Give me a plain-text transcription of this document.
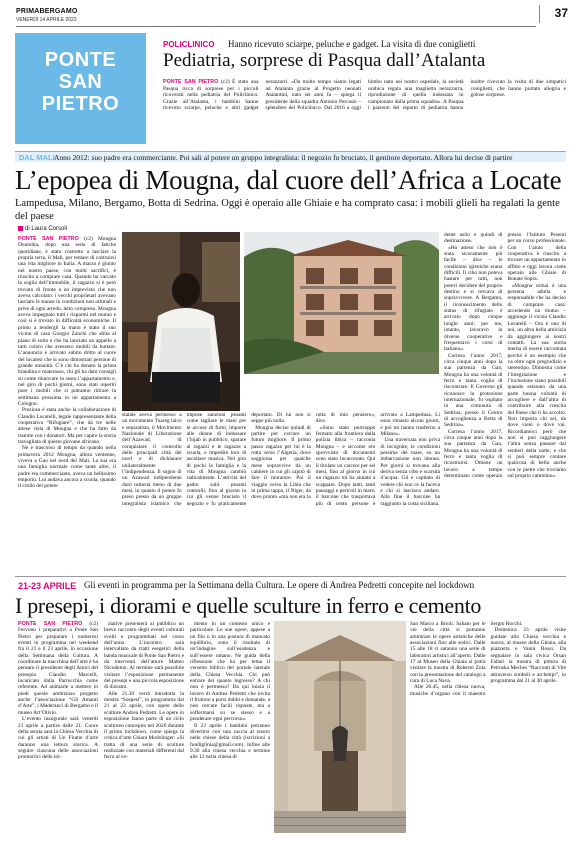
PRIMABERGAMO
VENERDÌ 14 APRILE 2023	37
PONTE
SAN
PIETRO
POLICLINICO Hanno ricevuto sciarpe, peluche e gadget. La visita di due coniglietti
Pediatria, sorprese di Pasqua dall’Atalanta

PONTE SAN PIETRO (c2) È stato una Pasqua ricca di sorprese per i piccoli ricoverati nella pediatria del Policlinico. Grazie all’Atalanta, i bambini hanno ricevuto sciarpe, peluche e altri gadget nerazzurri. «Da molto tempo siamo legati ad Atalanta grazie al Progetto neonati Atalantini, nato sei anni fa – spiega il presidente della squadra Antonio Percassi – splendore del Policlinico. Dal 2016 a oggi bimbo nato nei nostro ospedale, la società orobica regala una maglietta nerazzurra, riproduzione di quella indossata in campionato dalla prima squadra». A Pasqua i pazienti del reparto di pediatria hanno inoltre ricevuto la visita di due simpatici coniglietti, che hanno portato allegria e golose sorprese.

DAL MALI Anno 2012: suo padre era commerciante. Poi sali al potere un gruppo integralista: il negozio fu bruciato, il genitore deportato. Allora lui decise di partire
L’epopea di Mougna, dal cuore dell’Africa a Locate
Lampedusa, Milano, Bergamo, Botta di Sedrina. Oggi è operaio alle Ghiaie e ha comprato casa: i mobili glieli ha regalati la gente del paese
di Laura Corsoli

PONTE SAN PIETRO (c2) Mougna Doumbia, dopo una serie di fatiche quotidiane, è stato costretto a lasciare la propria terra, il Mali, per tentare di costruirsi una vita migliore in Italia. A marzo è giunto nel nostro paese, con molti sacrifici, è riuscito a comprare casa. Quando ha varcato la soglia dell’immobile, il ragazzo si è però trovato di fronte a un imprevisto che non aveva calcolato: i vecchi proprietari avevano lasciato le stanze in condizioni non ottimali e prive di ogni arredo, letto compreso. Mougna aveva impegnato tutti i risparmi nel mutuo e così si è trovato in difficoltà economiche. Il primo a tendergli la mano è stato il suo vicino di casa Giorgio Zanchi che abita al piano di sotto e che ha lanciato un appello a tutti coloro che avessero mobili da buttare. L’annuncio è arrivato subito dritto al cuore dei locatesi che si sono dimostrati persone di grande umanità. C’è chi ha donato la prima brandina e materasso, chi gli ha dato consigli su come rinnovare in sesto l’appartamento e, nel giro di pochi giorni, sono stati reperiti pure i mobili che si potranno ritirare la settimana prossima in un appartamento a Cologno.

Preziosa è stata anche la collaborazione di Claudio Locatelli, legale rappresentante della cooperativa “Rifugiare”, che da tre nelle attese vista di Mougna e che ha fatto da tramite con i donatori. Ma per capire la storia travagliata di questo giovane africano.

Ne è trascorso di tempo da quando nella primavera 2012 Mougna, allora ventenne, viveva a Gao nel nord del Mali. La sua era una famiglia normale come tante altre, il padre era commerciante, aveva un bellissimo emporio. Lui andava ancora a scuola, quando il crollo del potere

statale aveva permesso a un movimento Tuareg laico e separatista, il Movimento Nazionale di Liberazione dell’Azawad, di conquistare il controllo delle principali città del nord e di dichiarare unilateralmente l’indipendenza. Il sogno di un Azawad indipendente durò tuttavia meno di due mesi, in quanto il potere fu preso presto da un gruppo integralista islamico che impose sanzioni pesanti come tagliare le mani per le accuse di furto, imporre alle donne di indossare l’hijab in pubblico, sparare ai ragazzi e le ragazze a scuola, e impedire loro di ascoltare musica. Nel giro di pochi la famiglia e la vita di Mougna cambiò radicalmente. L’attività del padre subì pesanti controlli, fino al giorno in cui gli venne bruciato il negozio e fu praticamente deportato. Di lui non si seppe più nulla.

Mougna decise quindi di partire per cercare un futuro migliore. Il primo passo ragazzo per lui è la rotta verso l’Algeria, dove soggiorna per qualche mese sopravvive da un cantiere in cui gli capitò di fare il muratore. Poi il viaggio verso la Libia che in prima tappa, il Niger, da dove pronto «ma non era la rotta di mio pensiero», dice.

«Sono stato purtroppo fermato alla frontiera dalla polizia libica – racconta Mougna – e siccome ero sprovvisto di documenti sono stato incarcerato. Qui il titolato un carcere per sei mesi, fino al giorno in cui un ragazzo mi ha aiutato a scappare. Dopo tanti, tanti passaggi e pericoli in mare, il barcone che trasportava più di cento persone è arrivato a Lampedusa. Lì sono rimasto alcuni giorni, e poi mi hanno trasferito a Milano».

Una traversata non priva di incognite, le condizioni pessime del mare, su un imbarcazione non idonea. Per giorni si trovano alla deriva senza cibo e scarsità d’acqua. Gli è capitato di vedere chi non ce la faceva e chi si lasciava andare. Alla fine il barcone ha raggiunto la costa siciliana.

dente asilo e quindi di destinazione.

«Ho atteso che non è stata sicuramente più facile – dice – le condizioni igieniche erano difficili. Il cibo non poteva bastare per tutti, non potevi decidere del proprio destino e si cercava di sopravvivere. A Bergamo, il riconoscimento dello status di rifugiato è arrivato dopo cinque lunghi anni: per me, intanto, lavoravo in diverse cooperative e frequentavo i corsi di italiano».

Corresa l’anno 2017, circa cinque anni dopo la sua partenza da Gao, Mougna ha una volontà di ferro e tanta voglia di riscontrare. Il Governo gli riconosce la protezione internazionale, fu ospitato in una comunità di Sedrina, presso il Centro di accoglienza a Botta di Sedrina».

Corresa l’anno 2017, circa cinque anni dopo la sua partenza da Gao, Mougna ha una volontà di ferro e tanta voglia di ricostruirsi. Ottiene un lavoro a tempo determinato come operaio presso l’Istituto Pesenti per un corso professionale. Con l’aiuto della cooperativa è riuscito a trovare un appartamento in affitto e oggi lavora come operaio alle Ghiaie di Bonate Sopra.

«Mougna ormai è una persona adulta e responsabile che ha deciso di comprare casa: accedendo un mutuo – aggiunge il vicino Claudio Locatelli – Ora è uno di noi, un altra bella amicizia da aggiungere ai nostri contatti. La sua storia merita di essere raccontata perché è un esempio che va oltre ogni pregiudizio e stereotipo. Dimostra come l’integrazione e l’inclusione siano possibili quando esistono da una parte buona volontà di accogliere e dall’altra di contribuire alla crescita del Paese che ti ha accolto. Non importa chi sei, da dove vieni o dove vai. Ricordiamoci però che non si può raggiungere l’altra senza passare dai sentieri della notte, e che si può sempre contare qualcosa di bello anche con le pietre che troviamo sul proprio cammino».

21-23 APRILE Gli eventi in programma per la Settimana della Cultura. Le opere di Andrea Pedretti concepite nel lockdown
I presepi, i diorami e quelle sculture in ferro e cemento

PONTE SAN PIETRO (c2) Fervono i preparativi a Ponte San Pietro per preparare i numerosi eventi in programma nel weekend fra il 21 e il 23 aprile, in occasione della Settimana della Cultura. A coordinare la macchina dell’arte è ha pensato il presidente degli Amici del presepio Claudio Marcelli, incaricato dalla Parrocchia come referente. Ad animarle a mettere in piedi questo ambizioso progetto anche l’associazione “Gli Amanti d’Arte”, i Maderanci di Bergamo e il museo Art’Olivio.

L’evento inaugurale sarà venerdì 21 aprile a partire dalle 21. Cuore della serata sarà la Chiesa Vecchia di cui gli artisti di Un Fiume d’arte daranno una lettura storica. A seguire ciascuna delle associazioni promotrici delle ini-

ziative presenterà al pubblico un breve racconto degli eventi culturali svolti e programmati nel corso dell’anno. L’incontro sarà intervallato da tratti esegetici della banda musicale di Ponte San Pietro e da interventi dell’attore Matteo Nicodemo. Al termine sarà possibile visitare l’esposizione permanente del presepi e una piccola esposizione di diorami.

Alle 21.30 verrà introdotta la mostra “Sospesi”, in programma dal 21 al 23 aprile, con opere dello scultore Andrea Pedretti. Le opere in esposizione fanno parte di un ciclo scultoreo concepito nel 2020 durante il primo lockdown, come spiega la critica d’arte Chiara Modolinger: «Si tratta di una serie di sculture realizzate con materiali differenti dal ferro al ce-

mento in un contesto unico e particolare. Le sue opere, appese a un filo o in una postura di mancato equilibrio, sono il risultato di un’indagine sull’esistenza e sull’essere umano. Ne guida della riflessione che ha per tema il versetto biblico del portale laterale della Chiesa Vecchia. Chi può entrare dei quanto ingresso? A chi non è permesso? Da qui inizia il lavoro di Andrea Pedretti che invita il fruitore a porsi dubbi e domande, a non cercare facili risposte, ma a soffermarsi su se stesso e a ponderare ogni percorso».

Il 22 aprile i bambini potranno divertirsi con una caccia al tesoro nelle chiese della città (iscrizioni a fundiglinia@gmail.com). Infine alle 9.30 alla chiesa vecchia e termine alle 12 nella chiesa di

San Marco a Brioli. Sabato per le vie della città si potranno ammirare le opere artistiche delle associazioni fino alle sedici. Dalle 15 alle 18 ci saranno una serie di laboratori artistici all’aperto. Dalle 17 al Museo della Ghiaia si potrà visitare la mostra di Roberto Zola con la presentazione del catalogo a cura di Luca Nava.

Alle 20.45, nella chiesa nuova, musiche d’organo con il maestro Sergio Rocchi.

Domenica 23 aprile visite guidate alla Chiesa vecchia e nuova, al museo della Ghiaia, alla piazzetta e Vanni Rossi. Da segnalare in sala civica Orsan Fallari la mostra di pittura di Petruska Meches “Racconti di Vite attraverso simboli e archetipi”, in programma dal 21 al 30 aprile.
